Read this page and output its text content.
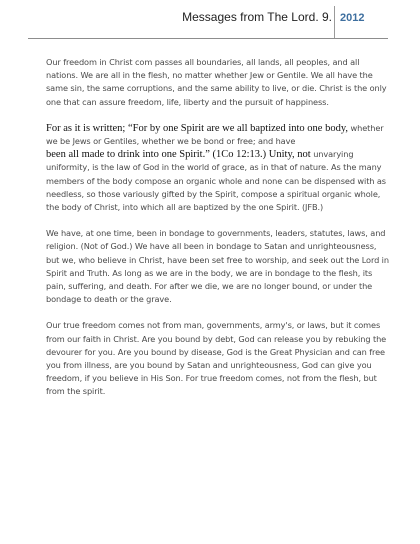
Messages from The Lord. 9. 2012

Our freedom in Christ com passes all boundaries, all lands, all peoples, and all nations. We are all in the flesh, no matter whether Jew or Gentile. We all have the same sin, the same corruptions, and the same ability to live, or die. Christ is the only one that can assure freedom, life, liberty and the pursuit of happiness.

For as it is written; “For by one Spirit are we all baptized into one body, whether we be Jews or Gentiles, whether we be bond or free; and have
been all made to drink into one Spirit.” (1Co 12:13.) Unity, not unvarying uniformity, is the law of God in the world of grace, as in that of nature. As the many members of the body compose an organic whole and none can be dispensed with as needless, so those variously gifted by the Spirit, compose a spiritual organic whole, the body of Christ, into which all are baptized by the one Spirit. (JFB.)

We have, at one time, been in bondage to governments, leaders, statutes, laws, and religion. (Not of God.) We have all been in bondage to Satan and unrighteousness, but we, who believe in Christ, have been set free to worship, and seek out the Lord in Spirit and Truth. As long as we are in the body, we are in bondage to the flesh, its pain, suffering, and death. For after we die, we are no longer bound, or under the bondage to death or the grave.

Our true freedom comes not from man, governments, army's, or laws, but it comes from our faith in Christ. Are you bound by debt, God can release you by rebuking the devourer for you. Are you bound by disease, God is the Great Physician and can free you from illness, are you bound by Satan and unrighteousness, God can give you freedom, if you believe in His Son. For true freedom comes, not from the flesh, but from the spirit.
